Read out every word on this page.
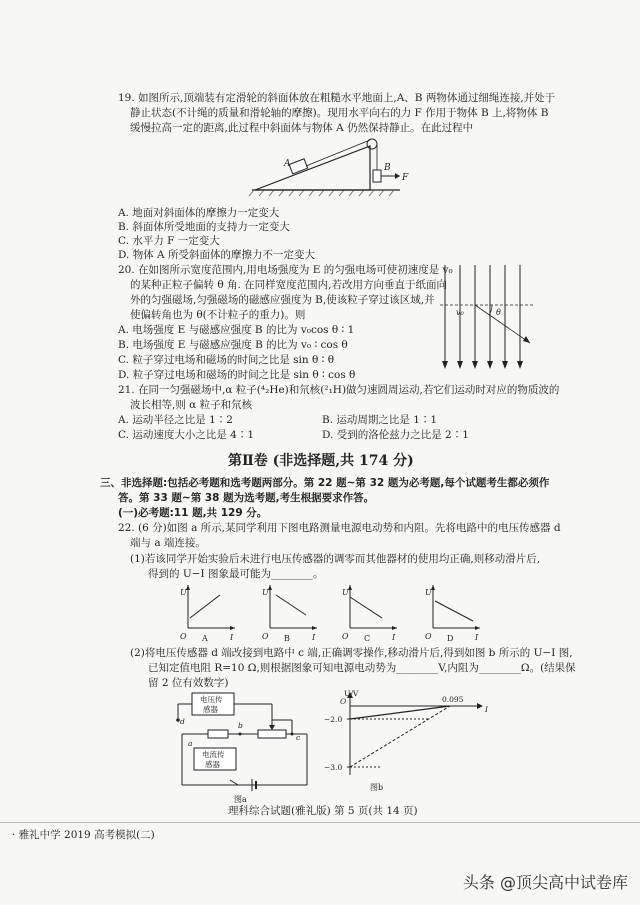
19. 如图所示,顶端装有定滑轮的斜面体放在粗糙水平地面上,A、B 两物体通过细绳连接,并处于
静止状态(不计绳的质量和滑轮轴的摩擦)。现用水平向右的力 F 作用于物体 B 上,将物体 B
缓慢拉高一定的距离,此过程中斜面体与物体 A 仍然保持静止。在此过程中
A	B
F
A. 地面对斜面体的摩擦力一定变大
B. 斜面体所受地面的支持力一定变大
C. 水平力 F 一定变大
D. 物体 A 所受斜面体的摩擦力不一定变大
20. 在如图所示宽度范围内,用电场强度为 E 的匀强电场可使初速度是 v₀
的某种正粒子偏转 θ 角. 在同样宽度范围内,若改用方向垂直于纸面向
外的匀强磁场,匀强磁场的磁感应强度为 B,使该粒子穿过该区域,并
使偏转角也为 θ(不计粒子的重力)。则
A. 电场强度 E 与磁感应强度 B 的比为 v₀cos θ ∶ 1
B. 电场强度 E 与磁感应强度 B 的比为 v₀ ∶ cos θ
C. 粒子穿过电场和磁场的时间之比是 sin θ ∶ θ
D. 粒子穿过电场和磁场的时间之比是 sin θ ∶ cos θ
v₀	θ
21. 在同一匀强磁场中,α 粒子(⁴₂He)和氘核(²₁H)做匀速圆周运动,若它们运动时对应的物质波的
波长相等,则 α 粒子和氘核
A. 运动半径之比是 1∶2	B. 运动周期之比是 1∶1
C. 运动速度大小之比是 4∶1	D. 受到的洛伦兹力之比是 2∶1
第Ⅱ卷 (非选择题,共 174 分)
三、非选择题:包括必考题和选考题两部分。第 22 题~第 32 题为必考题,每个试题考生都必须作
答。第 33 题~第 38 题为选考题,考生根据要求作答。
(一)必考题:11 题,共 129 分。
22. (6 分)如图 a 所示,某同学利用下图电路测量电源电动势和内阻。先将电路中的电压传感器 d
端与 a 端连接。
(1)若该同学开始实验后未进行电压传感器的调零而其他器材的使用均正确,则移动滑片后,
得到的 U−I 图象最可能为________。
U
I
O A
U
I
O B
U
I
O C
U
I
O D
(2)将电压传感器 d 端改接到电路中 c 端,正确调零操作,移动滑片后,得到如图 b 所示的 U−I 图,
已知定值电阻 R=10 Ω,则根据图象可知电源电动势为________V,内阻为________Ω。(结果保
留 2 位有效数字)
电压传
感器
d
a
b
c
电流传
感器
图a
U/V
I
−2.0
−3.0
0.095
O
图b
理科综合试题(雅礼版) 第 5 页(共 14 页)
· 雅礼中学 2019 高考模拟(二)
头条 @顶尖高中试卷库
